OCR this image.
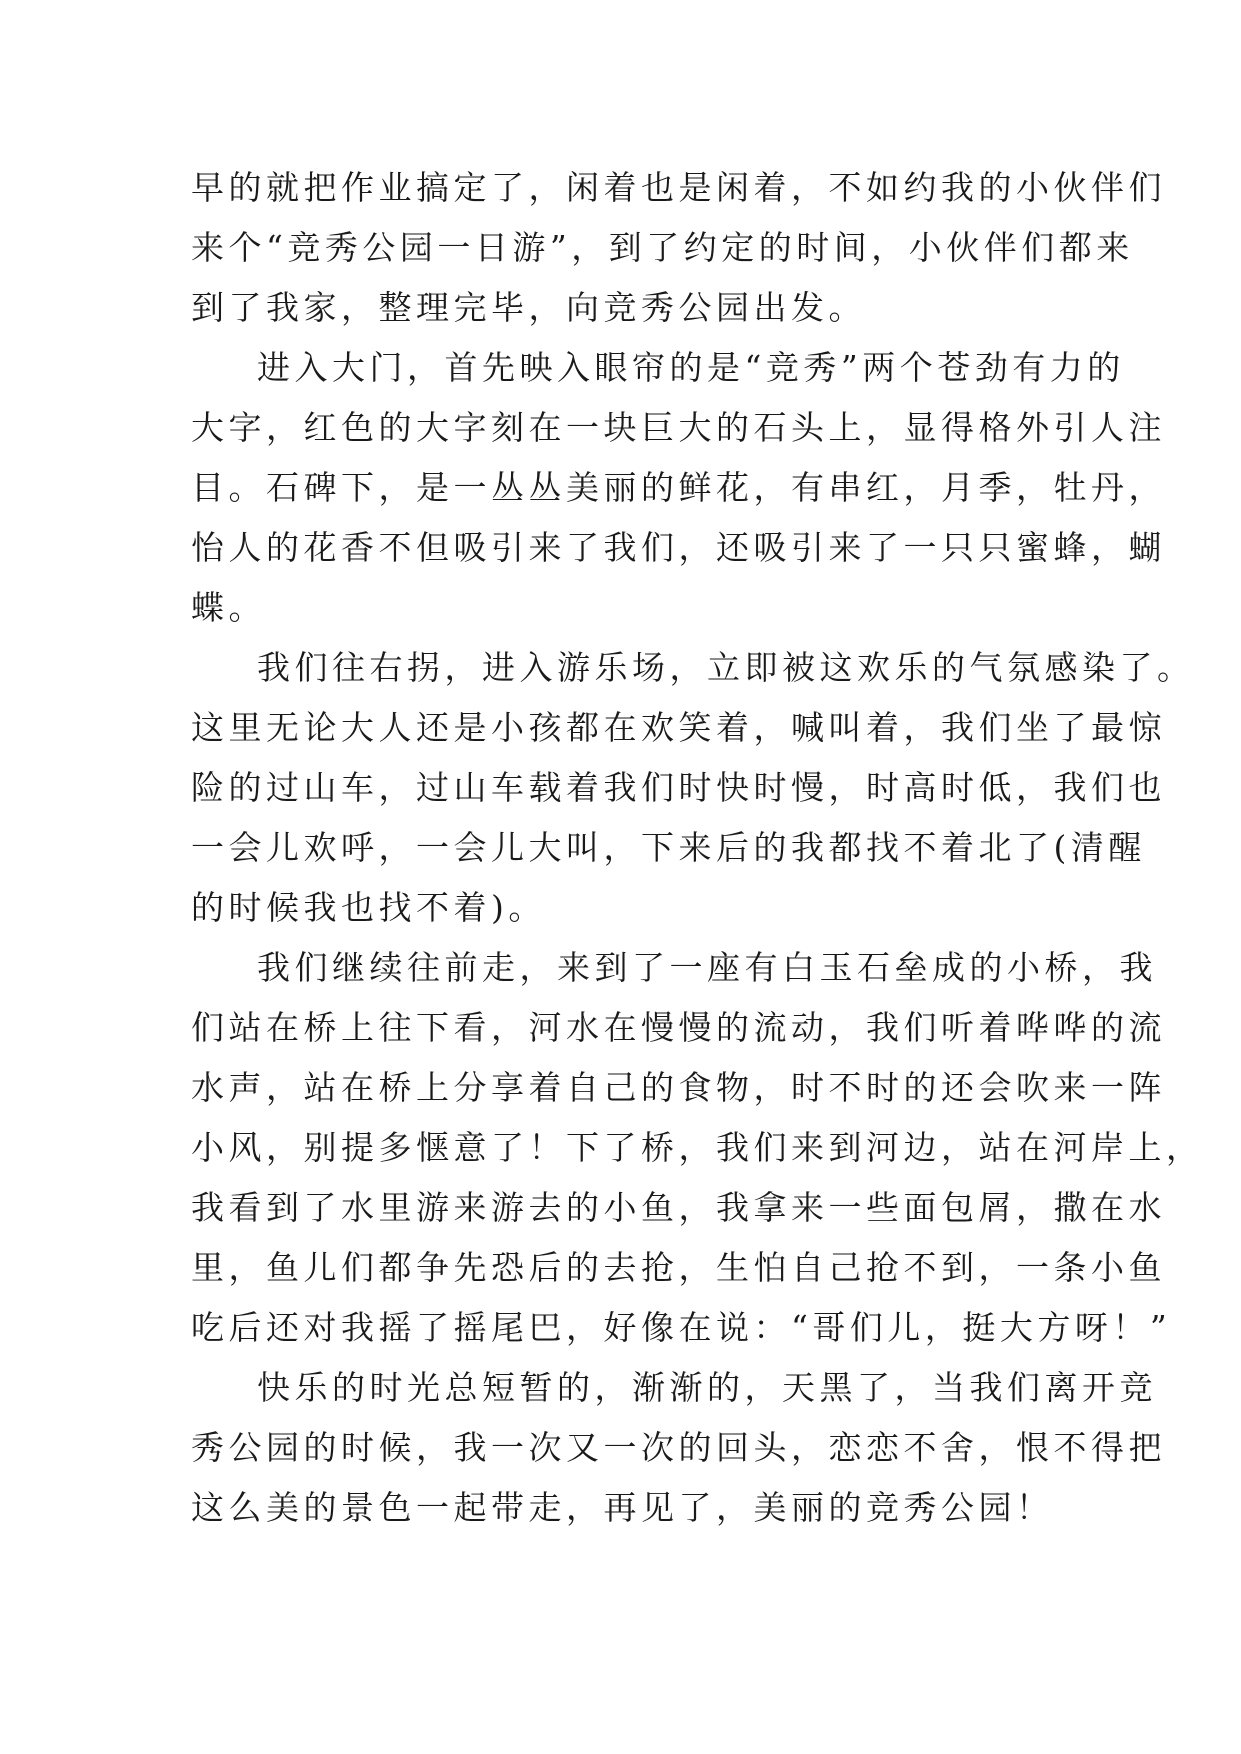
早的就把作业搞定了，闲着也是闲着，不如约我的小伙伴们
来个“竞秀公园一日游”，到了约定的时间，小伙伴们都来
到了我家，整理完毕，向竞秀公园出发。
进入大门，首先映入眼帘的是“竞秀”两个苍劲有力的
大字，红色的大字刻在一块巨大的石头上，显得格外引人注
目。石碑下，是一丛丛美丽的鲜花，有串红，月季，牡丹，
怡人的花香不但吸引来了我们，还吸引来了一只只蜜蜂，蝴
蝶。
我们往右拐，进入游乐场，立即被这欢乐的气氛感染了。
这里无论大人还是小孩都在欢笑着，喊叫着，我们坐了最惊
险的过山车，过山车载着我们时快时慢，时高时低，我们也
一会儿欢呼，一会儿大叫，下来后的我都找不着北了(清醒
的时候我也找不着)。
我们继续往前走，来到了一座有白玉石垒成的小桥，我
们站在桥上往下看，河水在慢慢的流动，我们听着哗哗的流
水声，站在桥上分享着自己的食物，时不时的还会吹来一阵
小风，别提多惬意了！下了桥，我们来到河边，站在河岸上，
我看到了水里游来游去的小鱼，我拿来一些面包屑，撒在水
里，鱼儿们都争先恐后的去抢，生怕自己抢不到，一条小鱼
吃后还对我摇了摇尾巴，好像在说：“哥们儿，挺大方呀！”
快乐的时光总短暂的，渐渐的，天黑了，当我们离开竞
秀公园的时候，我一次又一次的回头，恋恋不舍，恨不得把
这么美的景色一起带走，再见了，美丽的竞秀公园！
